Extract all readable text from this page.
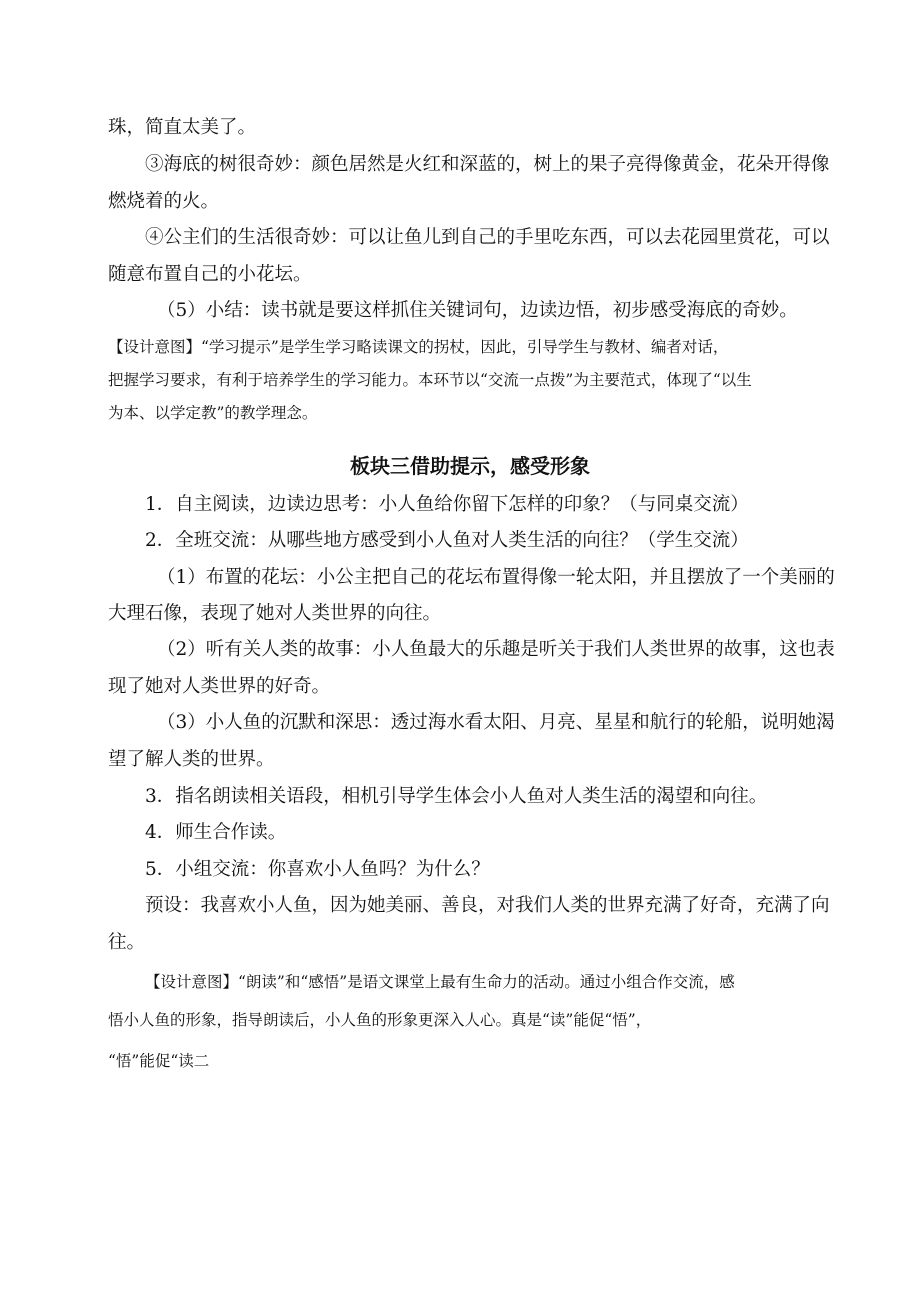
珠，简直太美了。
③海底的树很奇妙：颜色居然是火红和深蓝的，树上的果子亮得像黄金，花朵开得像
燃烧着的火。
④公主们的生活很奇妙：可以让鱼儿到自己的手里吃东西，可以去花园里赏花，可以
随意布置自己的小花坛。
（5）小结：读书就是要这样抓住关键词句，边读边悟，初步感受海底的奇妙。
【设计意图】“学习提示”是学生学习略读课文的拐杖，因此，引导学生与教材、编者对话，
把握学习要求，有利于培养学生的学习能力。本环节以“交流一点拨”为主要范式，体现了“以生
为本、以学定教”的教学理念。
板块三借助提示，感受形象
1．自主阅读，边读边思考：小人鱼给你留下怎样的印象？（与同桌交流）
2．全班交流：从哪些地方感受到小人鱼对人类生活的向往？（学生交流）
（1）布置的花坛：小公主把自己的花坛布置得像一轮太阳，并且摆放了一个美丽的
大理石像，表现了她对人类世界的向往。
（2）听有关人类的故事：小人鱼最大的乐趣是听关于我们人类世界的故事，这也表
现了她对人类世界的好奇。
（3）小人鱼的沉默和深思：透过海水看太阳、月亮、星星和航行的轮船，说明她渴
望了解人类的世界。
3．指名朗读相关语段，相机引导学生体会小人鱼对人类生活的渴望和向往。
4．师生合作读。
5．小组交流：你喜欢小人鱼吗？为什么？
预设：我喜欢小人鱼，因为她美丽、善良，对我们人类的世界充满了好奇，充满了向
往。
【设计意图】“朗读”和“感悟”是语文课堂上最有生命力的活动。通过小组合作交流，感
悟小人鱼的形象，指导朗读后，小人鱼的形象更深入人心。真是“读”能促“悟”，
“悟”能促“读二
